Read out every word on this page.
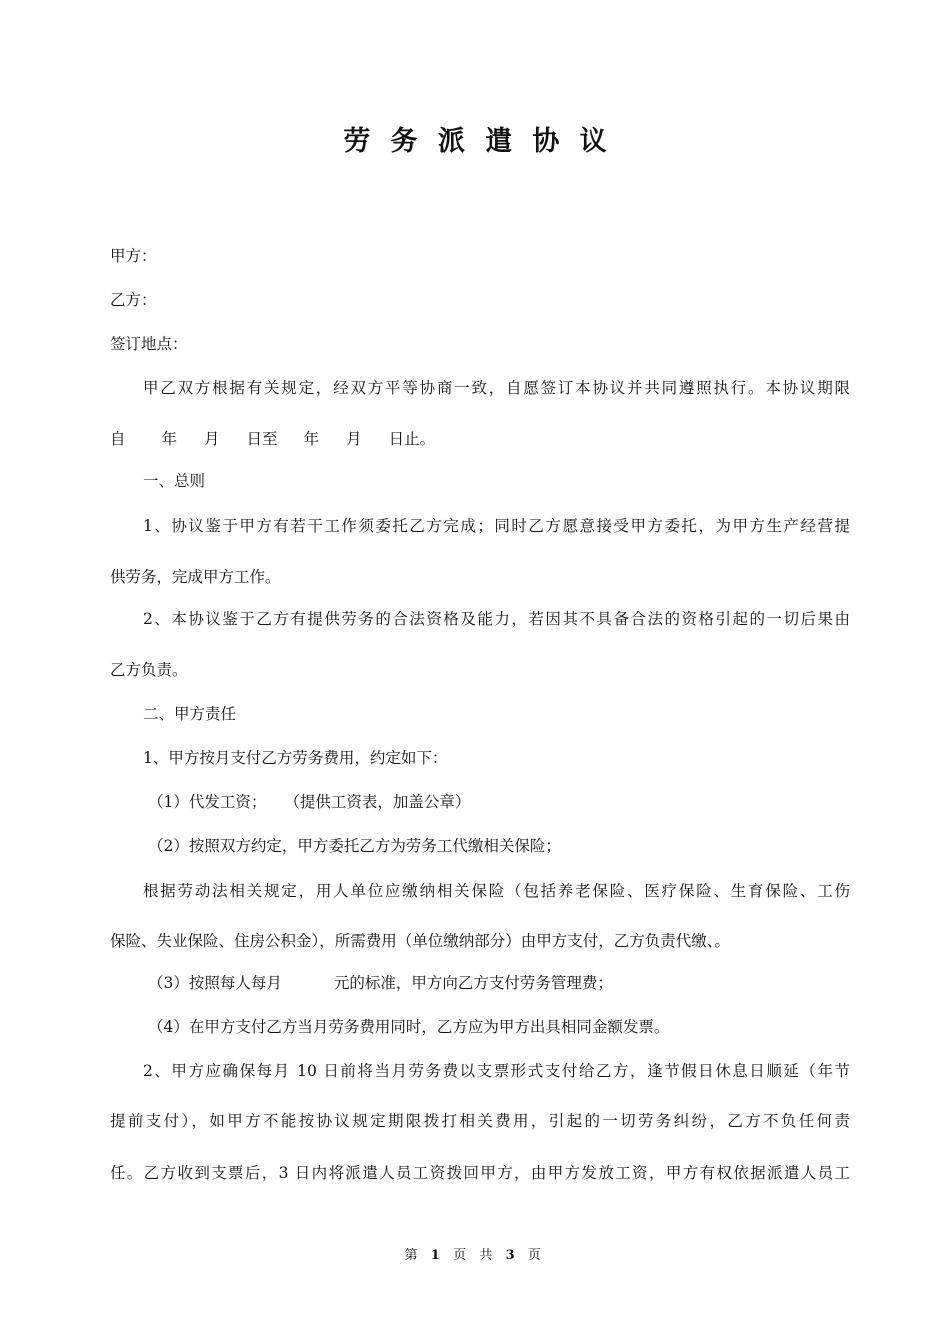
劳务派遣协议
甲方：
乙方：
签订地点：
甲乙双方根据有关规定，经双方平等协商一致，自愿签订本协议并共同遵照执行。本协议期限
自 年 月 日至 年 月 日止。
一、总则
1、协议鉴于甲方有若干工作须委托乙方完成；同时乙方愿意接受甲方委托，为甲方生产经营提
供劳务，完成甲方工作。
2、本协议鉴于乙方有提供劳务的合法资格及能力，若因其不具备合法的资格引起的一切后果由
乙方负责。
二、甲方责任
1、甲方按月支付乙方劳务费用，约定如下：
（1）代发工资； （提供工资表，加盖公章）
（2）按照双方约定，甲方委托乙方为劳务工代缴相关保险；
根据劳动法相关规定，用人单位应缴纳相关保险（包括养老保险、医疗保险、生育保险、工伤
保险、失业保险、住房公积金），所需费用（单位缴纳部分）由甲方支付，乙方负责代缴、。
（3）按照每人每月	元的标准，甲方向乙方支付劳务管理费；
（4）在甲方支付乙方当月劳务费用同时，乙方应为甲方出具相同金额发票。
2、甲方应确保每月 10 日前将当月劳务费以支票形式支付给乙方，逢节假日休息日顺延（年节
提前支付），如甲方不能按协议规定期限拨打相关费用，引起的一切劳务纠纷，乙方不负任何责
任。乙方收到支票后，3 日内将派遣人员工资拨回甲方，由甲方发放工资，甲方有权依据派遣人员工
第 1 页 共 3 页
